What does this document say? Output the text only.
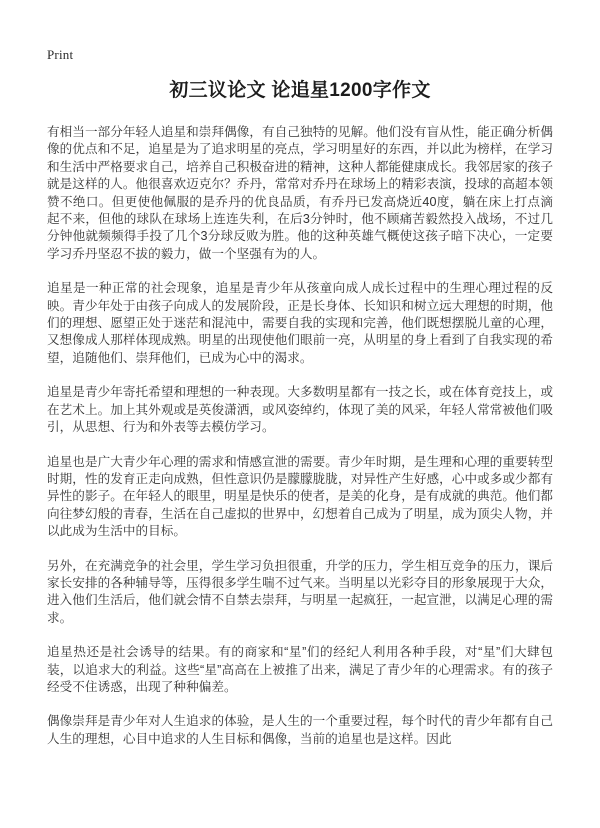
Print
初三议论文 论追星1200字作文

有相当一部分年轻人追星和崇拜偶像，有自己独特的见解。他们没有盲从性，能正确分析偶像的优点和不足，追星是为了追求明星的亮点，学习明星好的东西，并以此为榜样，在学习和生活中严格要求自己，培养自己积极奋进的精神，这种人都能健康成长。我邻居家的孩子就是这样的人。他很喜欢迈克尔？乔丹，常常对乔丹在球场上的精彩表演，投球的高超本领赞不绝口。但更使他佩服的是乔丹的优良品质，有乔丹已发高烧近40度，躺在床上打点滴起不来，但他的球队在球场上连连失利，在后3分钟时，他不顾痛苦毅然投入战场，不过几分钟他就频频得手投了几个3分球反败为胜。他的这种英雄气概使这孩子暗下决心，一定要学习乔丹坚忍不拔的毅力，做一个坚强有为的人。

追星是一种正常的社会现象，追星是青少年从孩童向成人成长过程中的生理心理过程的反映。青少年处于由孩子向成人的发展阶段，正是长身体、长知识和树立远大理想的时期，他们的理想、愿望正处于迷茫和混沌中，需要自我的实现和完善，他们既想摆脱儿童的心理，又想像成人那样体现成熟。明星的出现使他们眼前一亮，从明星的身上看到了自我实现的希望，追随他们、崇拜他们，已成为心中的渴求。

追星是青少年寄托希望和理想的一种表现。大多数明星都有一技之长，或在体育竞技上，或在艺术上。加上其外观或是英俊潇洒，或风姿绰约，体现了美的风采，年轻人常常被他们吸引，从思想、行为和外表等去模仿学习。

追星也是广大青少年心理的需求和情感宣泄的需要。青少年时期，是生理和心理的重要转型时期，性的发育正走向成熟，但性意识仍是朦朦胧胧，对异性产生好感，心中或多或少都有异性的影子。在年轻人的眼里，明星是快乐的使者，是美的化身，是有成就的典范。他们都向往梦幻般的青春，生活在自己虚拟的世界中，幻想着自己成为了明星，成为顶尖人物，并以此成为生活中的目标。

另外，在充满竞争的社会里，学生学习负担很重，升学的压力，学生相互竞争的压力，课后家长安排的各种辅导等，压得很多学生喘不过气来。当明星以光彩夺目的形象展现于大众，进入他们生活后，他们就会情不自禁去崇拜，与明星一起疯狂，一起宣泄，以满足心理的需求。

追星热还是社会诱导的结果。有的商家和“星”们的经纪人利用各种手段，对“星”们大肆包装，以追求大的利益。这些“星”高高在上被推了出来，满足了青少年的心理需求。有的孩子经受不住诱惑，出现了种种偏差。

偶像崇拜是青少年对人生追求的体验，是人生的一个重要过程，每个时代的青少年都有自己人生的理想，心目中追求的人生目标和偶像，当前的追星也是这样。因此
